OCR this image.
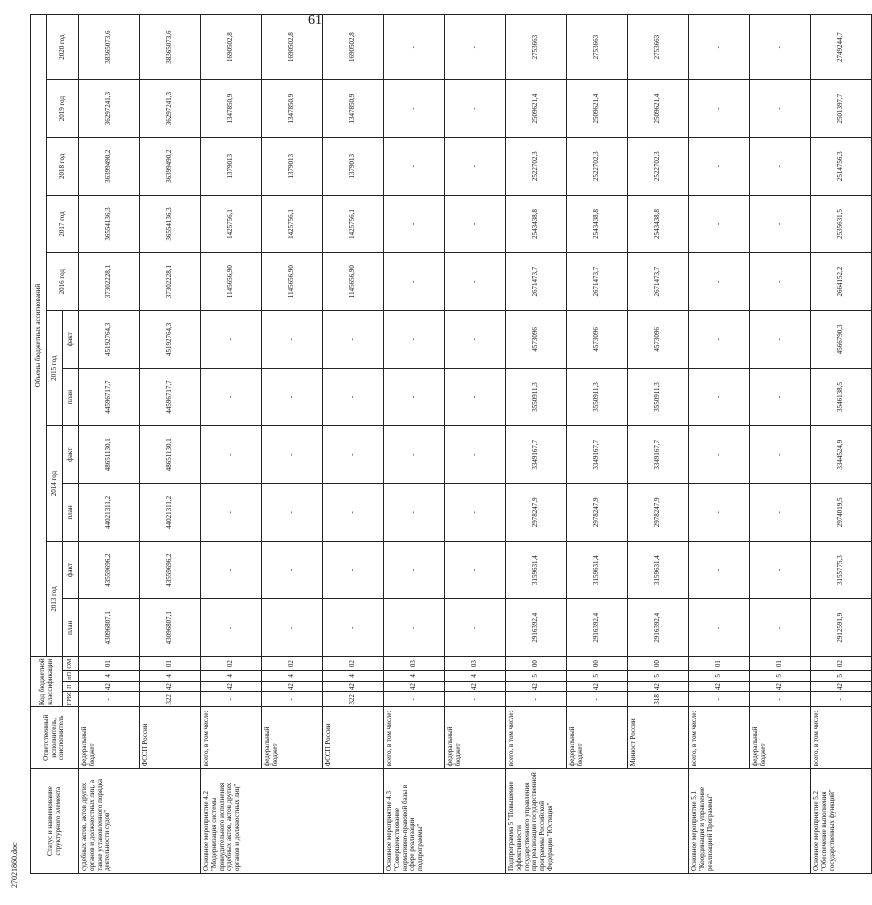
61
Статус и наименование структурного элемента	Ответственный исполнитель, соисполнитель	Код бюджетной классификации				Объемы бюджетных ассигнований										
						2013 год		2014 год		2015 год		2016 год	2017 год	2018 год	2019 год	2020 год
										план	факт					
		ГРБС	П	пП	ОМ	план	факт	план	факт							
судебных актов, актов других органов и должностных лиц, а также установленного порядка деятельности судов"	федеральный бюджет	-	42	4	01	43096807,1	43559696,2	44021311,2	48651130,1	44596717,7	45192764,3	37302228,1	36554136,3	36399490,2	36297241,3	38365073,6
	ФССП России	322	42	4	01	43096807,1	43559696,2	44021311,2	48651130,1	44596717,7	45192764,3	37302228,1	36554136,3	36399490,2	36297241,3	38365073,6
Основное мероприятие 4.2 "Модернизация системы принудительного исполнения судебных актов, актов других органов и должностных лиц"	всего, в том числе:	-	42	4	02	-	-	-	-	-	-	1145656,90	1425756,1	1379013	1347850,9	1690502,8
	федеральный бюджет	-	42	4	02	-	-	-	-	-	-	1145656,90	1425756,1	1379013	1347850,9	1690502,8
	ФССП России	322	42	4	02	-	-	-	-	-	-	1145656,90	1425756,1	1379013	1347850,9	1690502,8
Основное мероприятие 4.3 "Совершенствование нормативно-правовой базы в сфере реализации подпрограммы"	всего, в том числе:	-	42	4	03	-	-	-	-	-	-	-	-	-	-	-
	федеральный бюджет	-	42	4	03	-	-	-	-	-	-	-	-	-	-	-
Подпрограмма 5 "Повышение эффективности государственного управления при реализации государственной программы Российской Федерации "Юстиция"	всего, в том числе:	-	42	5	00	2916392,4	3159631,4	2978247,9	3349167,7	3550911,3	4573096	2671473,7	2543438,8	2522702,3	2509621,4	2753663
	федеральный бюджет	-	42	5	00	2916392,4	3159631,4	2978247,9	3349167,7	3550911,3	4573096	2671473,7	2543438,8	2522702,3	2509621,4	2753663
	Минюст России	318	42	5	00	2916392,4	3159631,4	2978247,9	3349167,7	3550911,3	4573096	2671473,7	2543438,8	2522702,3	2509621,4	2753663
Основное мероприятие 5.1 "Координация и управление реализацией Программы"	всего, в том числе:	-	42	5	01	-	-	-	-	-	-	-	-	-	-	-
	федеральный бюджет	-	42	5	01	-	-	-	-	-	-	-	-	-	-	-
Основное мероприятие 5.2 "Обеспечение выполнения государственных функций"	всего, в том числе:	-	42	5	02	2912591,9	3155775,3	2974019,5	3344524,9	3546138,5	4566790,3	2664152,2	2535631,5	2514756,3	2501397,7	2749244,7
27021860.doc
